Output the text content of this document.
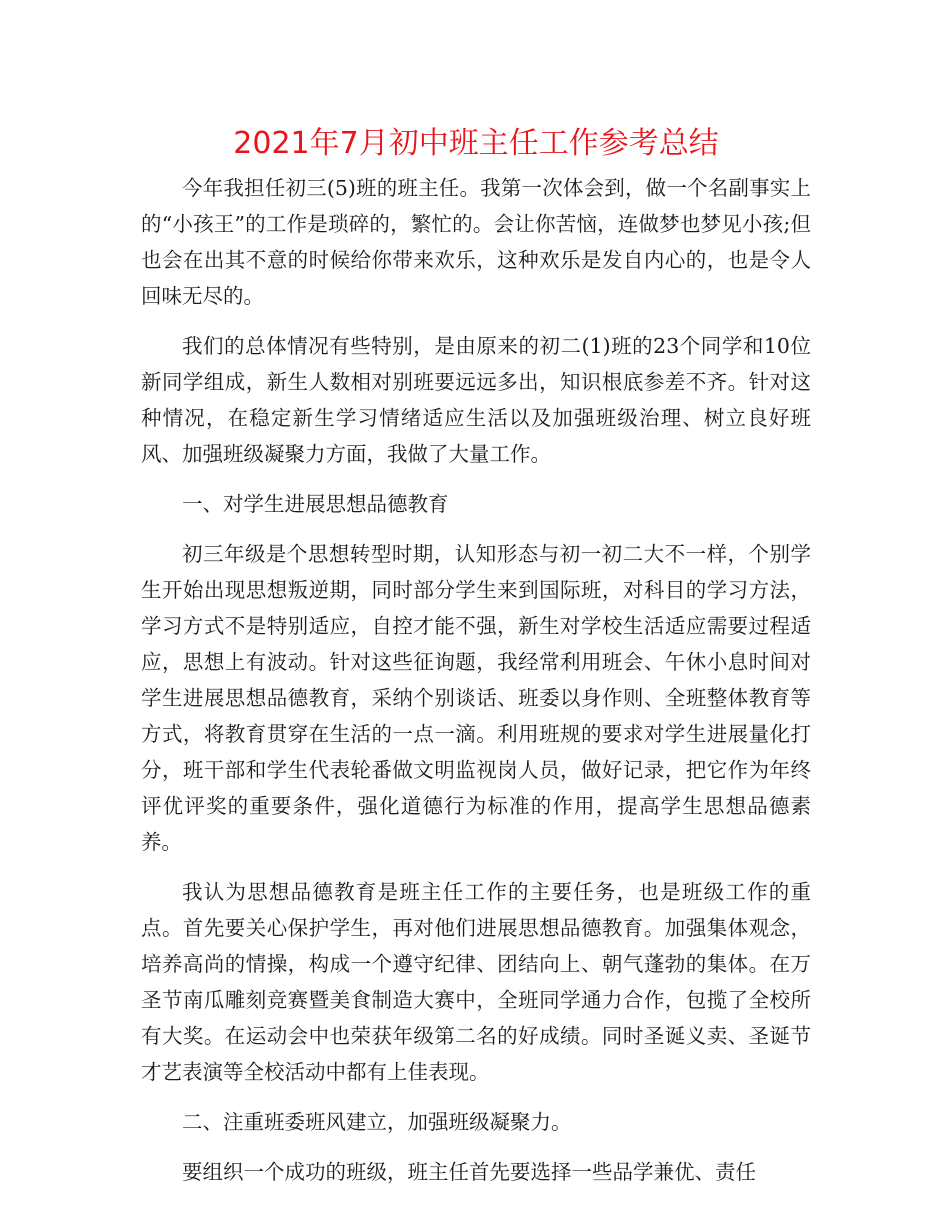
2021年7月初中班主任工作参考总结

今年我担任初三(5)班的班主任。我第一次体会到，做一个名副事实上的“小孩王”的工作是琐碎的，繁忙的。会让你苦恼，连做梦也梦见小孩;但也会在出其不意的时候给你带来欢乐，这种欢乐是发自内心的，也是令人回味无尽的。

我们的总体情况有些特别，是由原来的初二(1)班的23个同学和10位新同学组成，新生人数相对别班要远远多出，知识根底参差不齐。针对这种情况，在稳定新生学习情绪适应生活以及加强班级治理、树立良好班风、加强班级凝聚力方面，我做了大量工作。

一、对学生进展思想品德教育

初三年级是个思想转型时期，认知形态与初一初二大不一样，个别学生开始出现思想叛逆期，同时部分学生来到国际班，对科目的学习方法，学习方式不是特别适应，自控才能不强，新生对学校生活适应需要过程适应，思想上有波动。针对这些征询题，我经常利用班会、午休小息时间对学生进展思想品德教育，采纳个别谈话、班委以身作则、全班整体教育等方式，将教育贯穿在生活的一点一滴。利用班规的要求对学生进展量化打分，班干部和学生代表轮番做文明监视岗人员，做好记录，把它作为年终评优评奖的重要条件，强化道德行为标准的作用，提高学生思想品德素养。

我认为思想品德教育是班主任工作的主要任务，也是班级工作的重点。首先要关心保护学生，再对他们进展思想品德教育。加强集体观念，培养高尚的情操，构成一个遵守纪律、团结向上、朝气蓬勃的集体。在万圣节南瓜雕刻竞赛暨美食制造大赛中，全班同学通力合作，包揽了全校所有大奖。在运动会中也荣获年级第二名的好成绩。同时圣诞义卖、圣诞节才艺表演等全校活动中都有上佳表现。

二、注重班委班风建立，加强班级凝聚力。

要组织一个成功的班级，班主任首先要选择一些品学兼优、责任
